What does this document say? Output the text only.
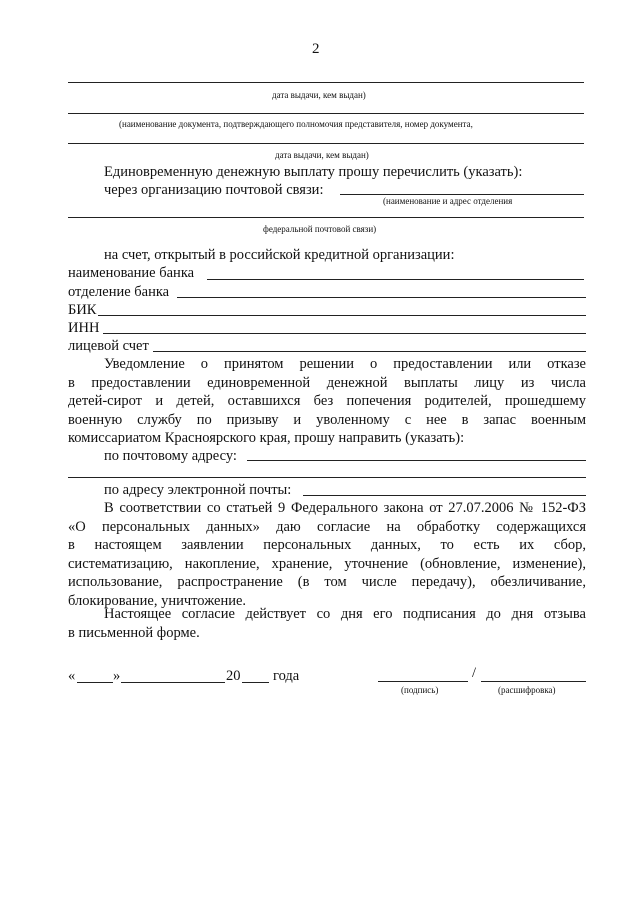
2
дата выдачи, кем выдан)
(наименование документа, подтверждающего полномочия представителя, номер документа,
дата выдачи, кем выдан)
Единовременную денежную выплату прошу перечислить (указать):
через организацию почтовой связи:
(наименование и адрес отделения
федеральной почтовой связи)
на счет, открытый в российской кредитной организации:
наименование банка
отделение банка
БИК
ИНН
лицевой счет

Уведомление о принятом решении о предоставлении или отказе

в предоставлении единовременной денежной выплаты лицу из числа

детей-сирот и детей, оставшихся без попечения родителей, прошедшему

военную службу по призыву и уволенному с нее в запас военным

комиссариатом Красноярского края, прошу направить (указать):

по почтовому адресу:
по адресу электронной почты:

В соответствии со статьей 9 Федерального закона от 27.07.2006 № 152-ФЗ

«О персональных данных» даю согласие на обработку содержащихся

в настоящем заявлении персональных данных, то есть их сбор,

систематизацию, накопление, хранение, уточнение (обновление, изменение),

использование, распространение (в том числе передачу), обезличивание,

блокирование, уничтожение.

Настоящее согласие действует со дня его подписания до дня отзыва

в письменной форме.

«	»	20 года	/
(подпись)	(расшифровка)
